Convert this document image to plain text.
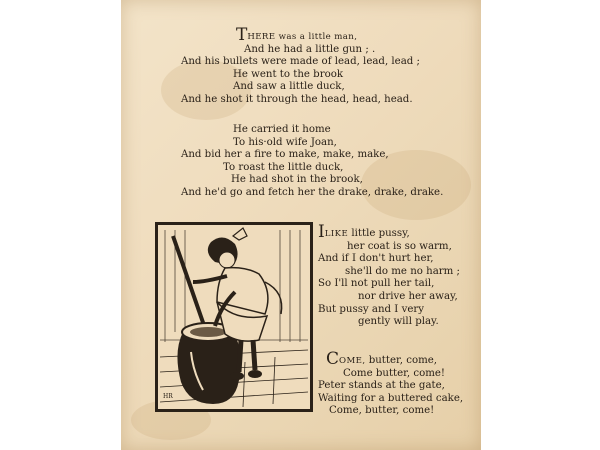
THERE was a little man,
And he had a little gun ; .
And his bullets were made of lead, lead, lead ;
He went to the brook
And saw a little duck,
And he shot it through the head, head, head.
He carried it home
To his·old wife Joan,
And bid her a fire to make, make, make,
To roast the little duck,
He had shot in the brook,
And he'd go and fetch her the drake, drake, drake.
HR
ILIKE little pussy,
her coat is so warm,
And if I don't hurt her,
she'll do me no harm ;
So I'll not pull her tail,
nor drive her away,
But pussy and I very
gently will play.
COME, butter, come,
Come butter, come!
Peter stands at the gate,
Waiting for a buttered cake,
Come, butter, come!
